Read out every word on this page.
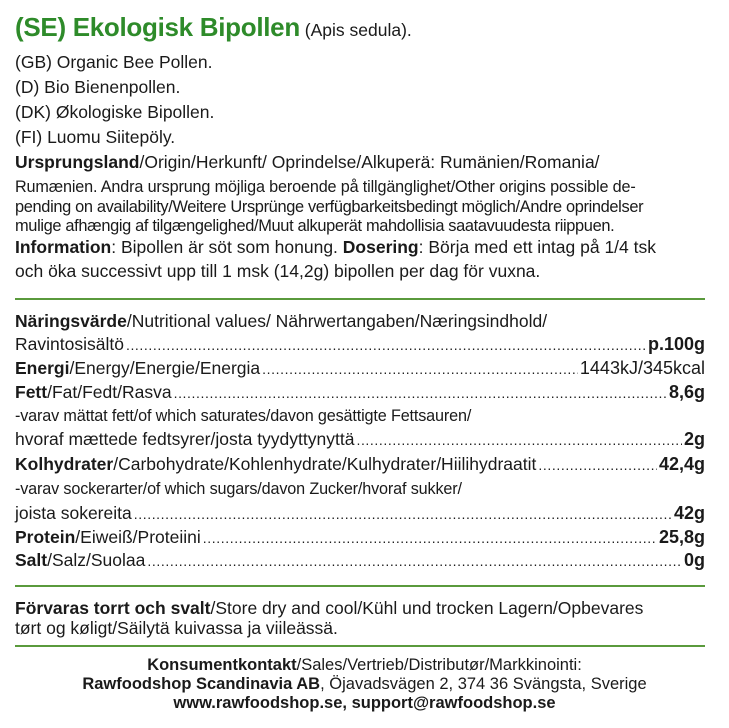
(SE) Ekologisk Bipollen (Apis sedula).
(GB) Organic Bee Pollen.
(D) Bio Bienenpollen.
(DK) Økologiske Bipollen.
(FI) Luomu Siitepöly.
Ursprungsland/Origin/Herkunft/ Oprindelse/Alkuperä: Rumänien/Romania/
Rumænien. Andra ursprung möjliga beroende på tillgänglighet/Other origins possible de-
pending on availability/Weitere Ursprünge verfügbarkeitsbedingt möglich/Andre oprindelser
mulige afhængig af tilgængelighed/Muut alkuperät mahdollisia saatavuudesta riippuen.
Information: Bipollen är söt som honung. Dosering: Börja med ett intag på 1/4 tsk
och öka successivt upp till 1 msk (14,2g) bipollen per dag för vuxna.
Näringsvärde/Nutritional values/ Nährwertangaben/Næringsindhold/
Ravintosisältö .....	p.100g
Energi/Energy/Energie/Energia .....	1443kJ/345kcal
Fett/Fat/Fedt/Rasva .....	8,6g
-varav mättat fett/of which saturates/davon gesättigte Fettsauren/
hvoraf mættede fedtsyrer/josta tyydyttynyttä .....	2g
Kolhydrater/Carbohydrate/Kohlenhydrate/Kulhydrater/Hiilihydraatit .....	42,4g
-varav sockerarter/of which sugars/davon Zucker/hvoraf sukker/
joista sokereita .....	42g
Protein/Eiweiß/Proteiini .....	25,8g
Salt/Salz/Suolaa .....	0g
Förvaras torrt och svalt/Store dry and cool/Kühl und trocken Lagern/Opbevares
tørt og køligt/Säilytä kuivassa ja viileässä.
Konsumentkontakt/Sales/Vertrieb/Distributør/Markkinointi:
Rawfoodshop Scandinavia AB, Öjavadsvägen 2, 374 36 Svängsta, Sverige
www.rawfoodshop.se, support@rawfoodshop.se
